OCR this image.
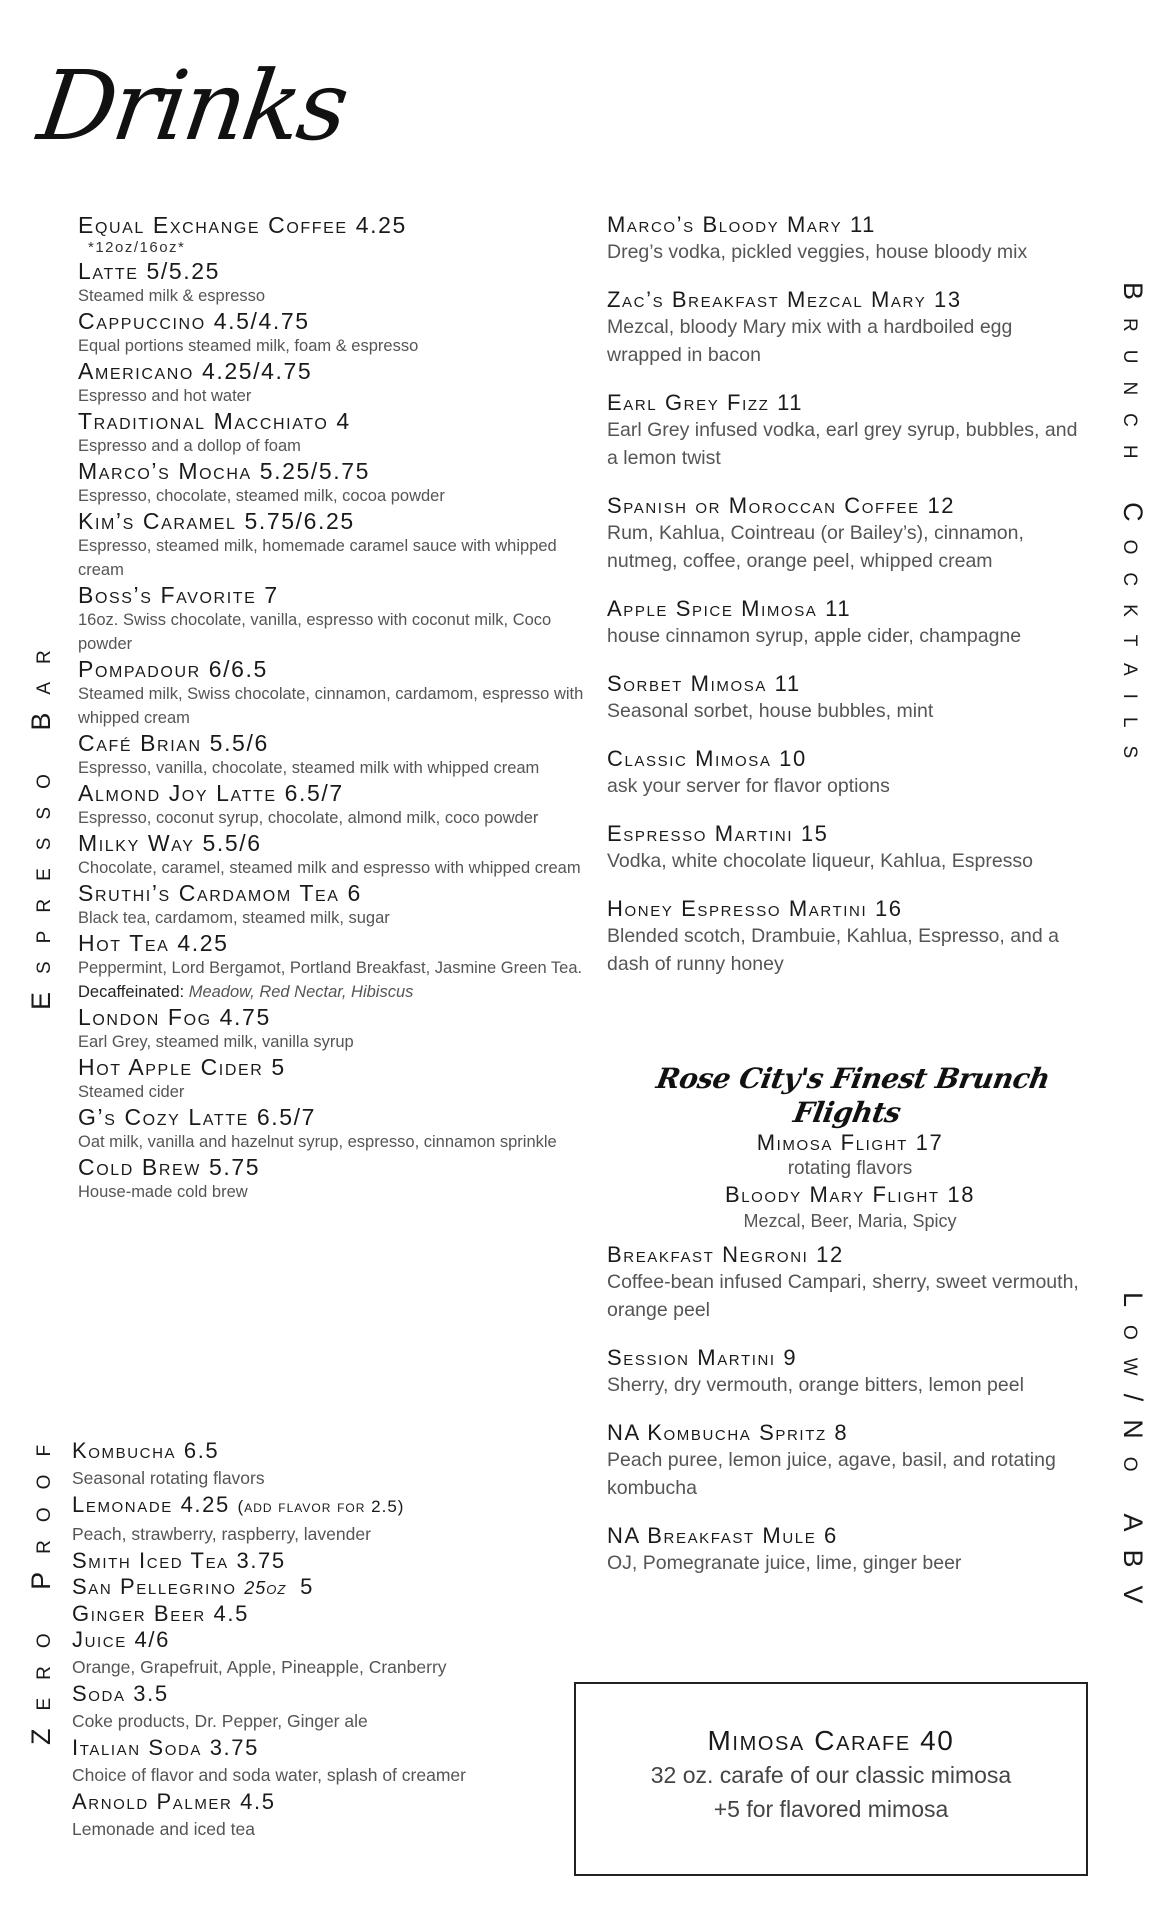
Drinks
Espresso Bar
Zero Proof
Brunch Cocktails
Low/No ABV
Equal Exchange Coffee 4.25
*12oz/16oz*
Latte 5/5.25
Steamed milk & espresso
Cappuccino 4.5/4.75
Equal portions steamed milk, foam & espresso
Americano 4.25/4.75
Espresso and hot water
Traditional Macchiato 4
Espresso and a dollop of foam
Marco’s Mocha 5.25/5.75
Espresso, chocolate, steamed milk, cocoa powder
Kim’s Caramel 5.75/6.25
Espresso, steamed milk, homemade caramel sauce with whipped cream
Boss’s Favorite 7
16oz. Swiss chocolate, vanilla, espresso with coconut milk, Coco powder
Pompadour 6/6.5
Steamed milk, Swiss chocolate, cinnamon, cardamom, espresso with whipped cream
Café Brian 5.5/6
Espresso, vanilla, chocolate, steamed milk with whipped cream
Almond Joy Latte 6.5/7
Espresso, coconut syrup, chocolate, almond milk, coco powder
Milky Way 5.5/6
Chocolate, caramel, steamed milk and espresso with whipped cream
Sruthi’s Cardamom Tea 6
Black tea, cardamom, steamed milk, sugar
Hot Tea 4.25
Peppermint, Lord Bergamot, Portland Breakfast, Jasmine Green Tea. Decaffeinated: Meadow, Red Nectar, Hibiscus
London Fog 4.75
Earl Grey, steamed milk, vanilla syrup
Hot Apple Cider 5
Steamed cider
G’s Cozy Latte 6.5/7
Oat milk, vanilla and hazelnut syrup, espresso, cinnamon sprinkle
Cold Brew 5.75
House-made cold brew
Kombucha 6.5
Seasonal rotating flavors
Lemonade 4.25 (add flavor for 2.5)
Peach, strawberry, raspberry, lavender
Smith Iced Tea 3.75
San Pellegrino 25oz 5
Ginger Beer 4.5
Juice 4/6
Orange, Grapefruit, Apple, Pineapple, Cranberry
Soda 3.5
Coke products, Dr. Pepper, Ginger ale
Italian Soda 3.75
Choice of flavor and soda water, splash of creamer
Arnold Palmer 4.5
Lemonade and iced tea
Marco’s Bloody Mary 11
Dreg’s vodka, pickled veggies, house bloody mix
Zac’s Breakfast Mezcal Mary 13
Mezcal, bloody Mary mix with a hardboiled egg wrapped in bacon
Earl Grey Fizz 11
Earl Grey infused vodka, earl grey syrup, bubbles, and a lemon twist
Spanish or Moroccan Coffee 12
Rum, Kahlua, Cointreau (or Bailey’s), cinnamon, nutmeg, coffee, orange peel, whipped cream
Apple Spice Mimosa 11
house cinnamon syrup, apple cider, champagne
Sorbet Mimosa 11
Seasonal sorbet, house bubbles, mint
Classic Mimosa 10
ask your server for flavor options
Espresso Martini 15
Vodka, white chocolate liqueur, Kahlua, Espresso
Honey Espresso Martini 16
Blended scotch, Drambuie, Kahlua, Espresso, and a dash of runny honey
Rose City's Finest Brunch Flights
Mimosa Flight 17
rotating flavors
Bloody Mary Flight 18
Mezcal, Beer, Maria, Spicy
Breakfast Negroni 12
Coffee-bean infused Campari, sherry, sweet vermouth, orange peel
Session Martini 9
Sherry, dry vermouth, orange bitters, lemon peel
NA Kombucha Spritz 8
Peach puree, lemon juice, agave, basil, and rotating kombucha
NA Breakfast Mule 6
OJ, Pomegranate juice, lime, ginger beer
Mimosa Carafe 40
32 oz. carafe of our classic mimosa
+5 for flavored mimosa
